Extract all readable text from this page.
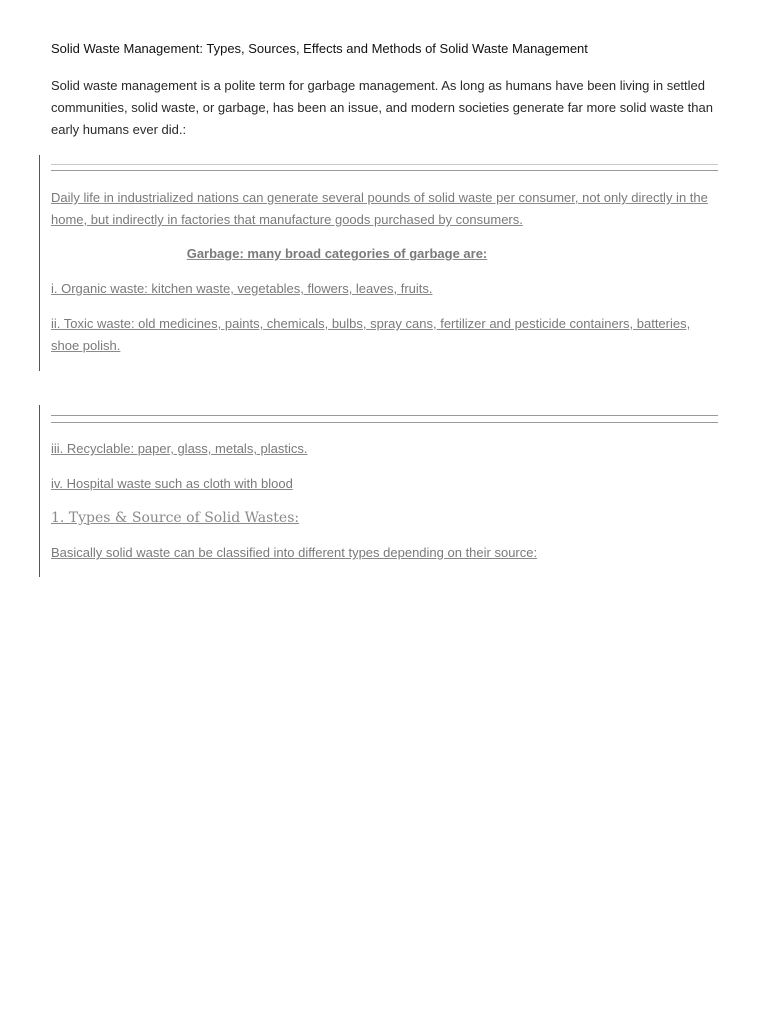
Solid Waste Management: Types, Sources, Effects and Methods of Solid Waste Management
Solid waste management is a polite term for garbage management. As long as humans have been living in settled communities, solid waste, or garbage, has been an issue, and modern societies generate far more solid waste than early humans ever did.:

Daily life in industrialized nations can generate several pounds of solid waste per consumer, not only directly in the home, but indirectly in factories that manufacture goods purchased by consumers.

Garbage: many broad categories of garbage are:

i. Organic waste: kitchen waste, vegetables, flowers, leaves, fruits.

ii. Toxic waste: old medicines, paints, chemicals, bulbs, spray cans, fertilizer and pesticide containers, batteries, shoe polish.

iii. Recyclable: paper, glass, metals, plastics.

iv. Hospital waste such as cloth with blood

1. Types & Source of Solid Wastes:

Basically solid waste can be classified into different types depending on their source:
